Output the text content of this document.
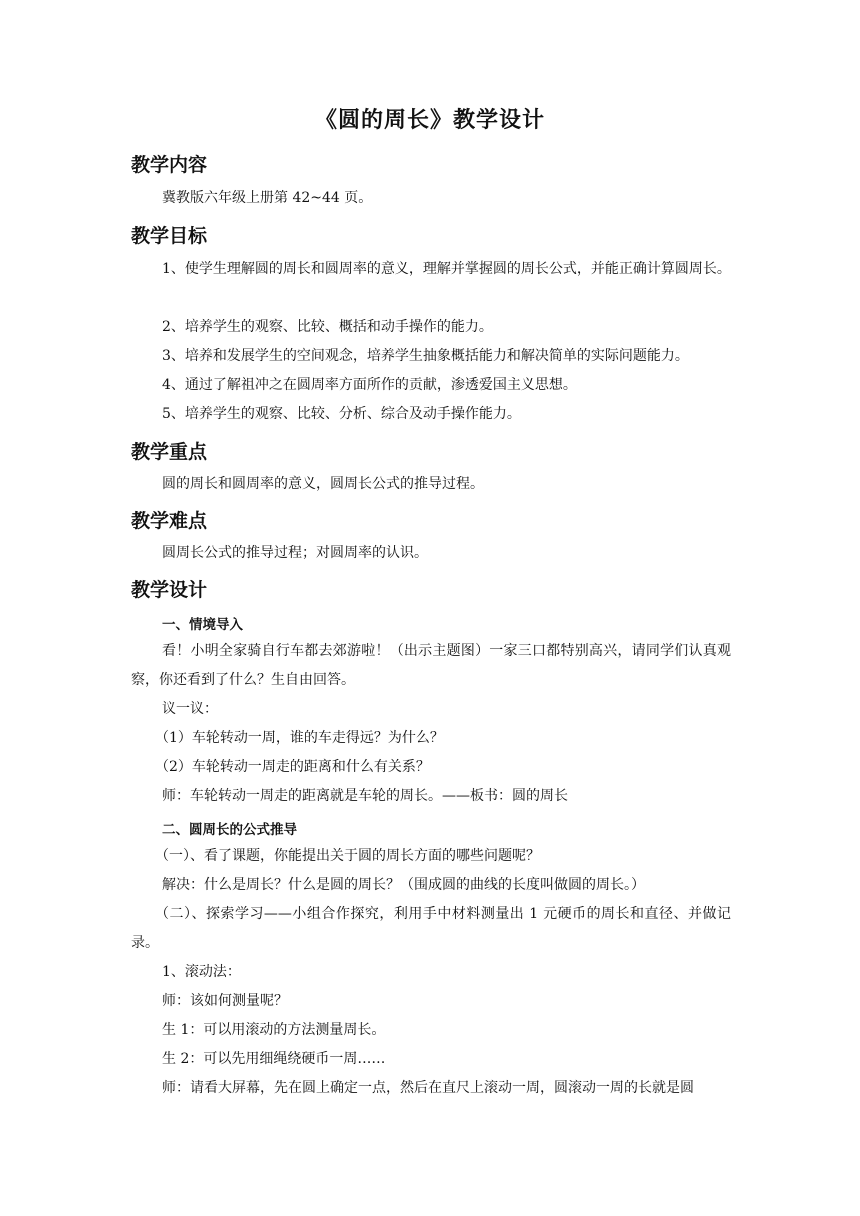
《圆的周长》教学设计
教学内容
冀教版六年级上册第 42~44 页。
教学目标
1、使学生理解圆的周长和圆周率的意义，理解并掌握圆的周长公式，并能正确计算圆周长。
2、培养学生的观察、比较、概括和动手操作的能力。
3、培养和发展学生的空间观念，培养学生抽象概括能力和解决简单的实际问题能力。
4、通过了解祖冲之在圆周率方面所作的贡献，渗透爱国主义思想。
5、培养学生的观察、比较、分析、综合及动手操作能力。
教学重点
圆的周长和圆周率的意义，圆周长公式的推导过程。
教学难点
圆周长公式的推导过程；对圆周率的认识。
教学设计
一、情境导入
看！小明全家骑自行车都去郊游啦！（出示主题图）一家三口都特别高兴，请同学们认真观察，你还看到了什么？生自由回答。
议一议：
（1）车轮转动一周，谁的车走得远？为什么？
（2）车轮转动一周走的距离和什么有关系？
师：车轮转动一周走的距离就是车轮的周长。——板书：圆的周长
二、圆周长的公式推导
（一）、看了课题，你能提出关于圆的周长方面的哪些问题呢？
解决：什么是周长？什么是圆的周长？（围成圆的曲线的长度叫做圆的周长。）
（二）、探索学习——小组合作探究，利用手中材料测量出 1 元硬币的周长和直径、并做记录。
1、滚动法：
师：该如何测量呢？
生 1：可以用滚动的方法测量周长。
生 2：可以先用细绳绕硬币一周……
师：请看大屏幕，先在圆上确定一点，然后在直尺上滚动一周，圆滚动一周的长就是圆
